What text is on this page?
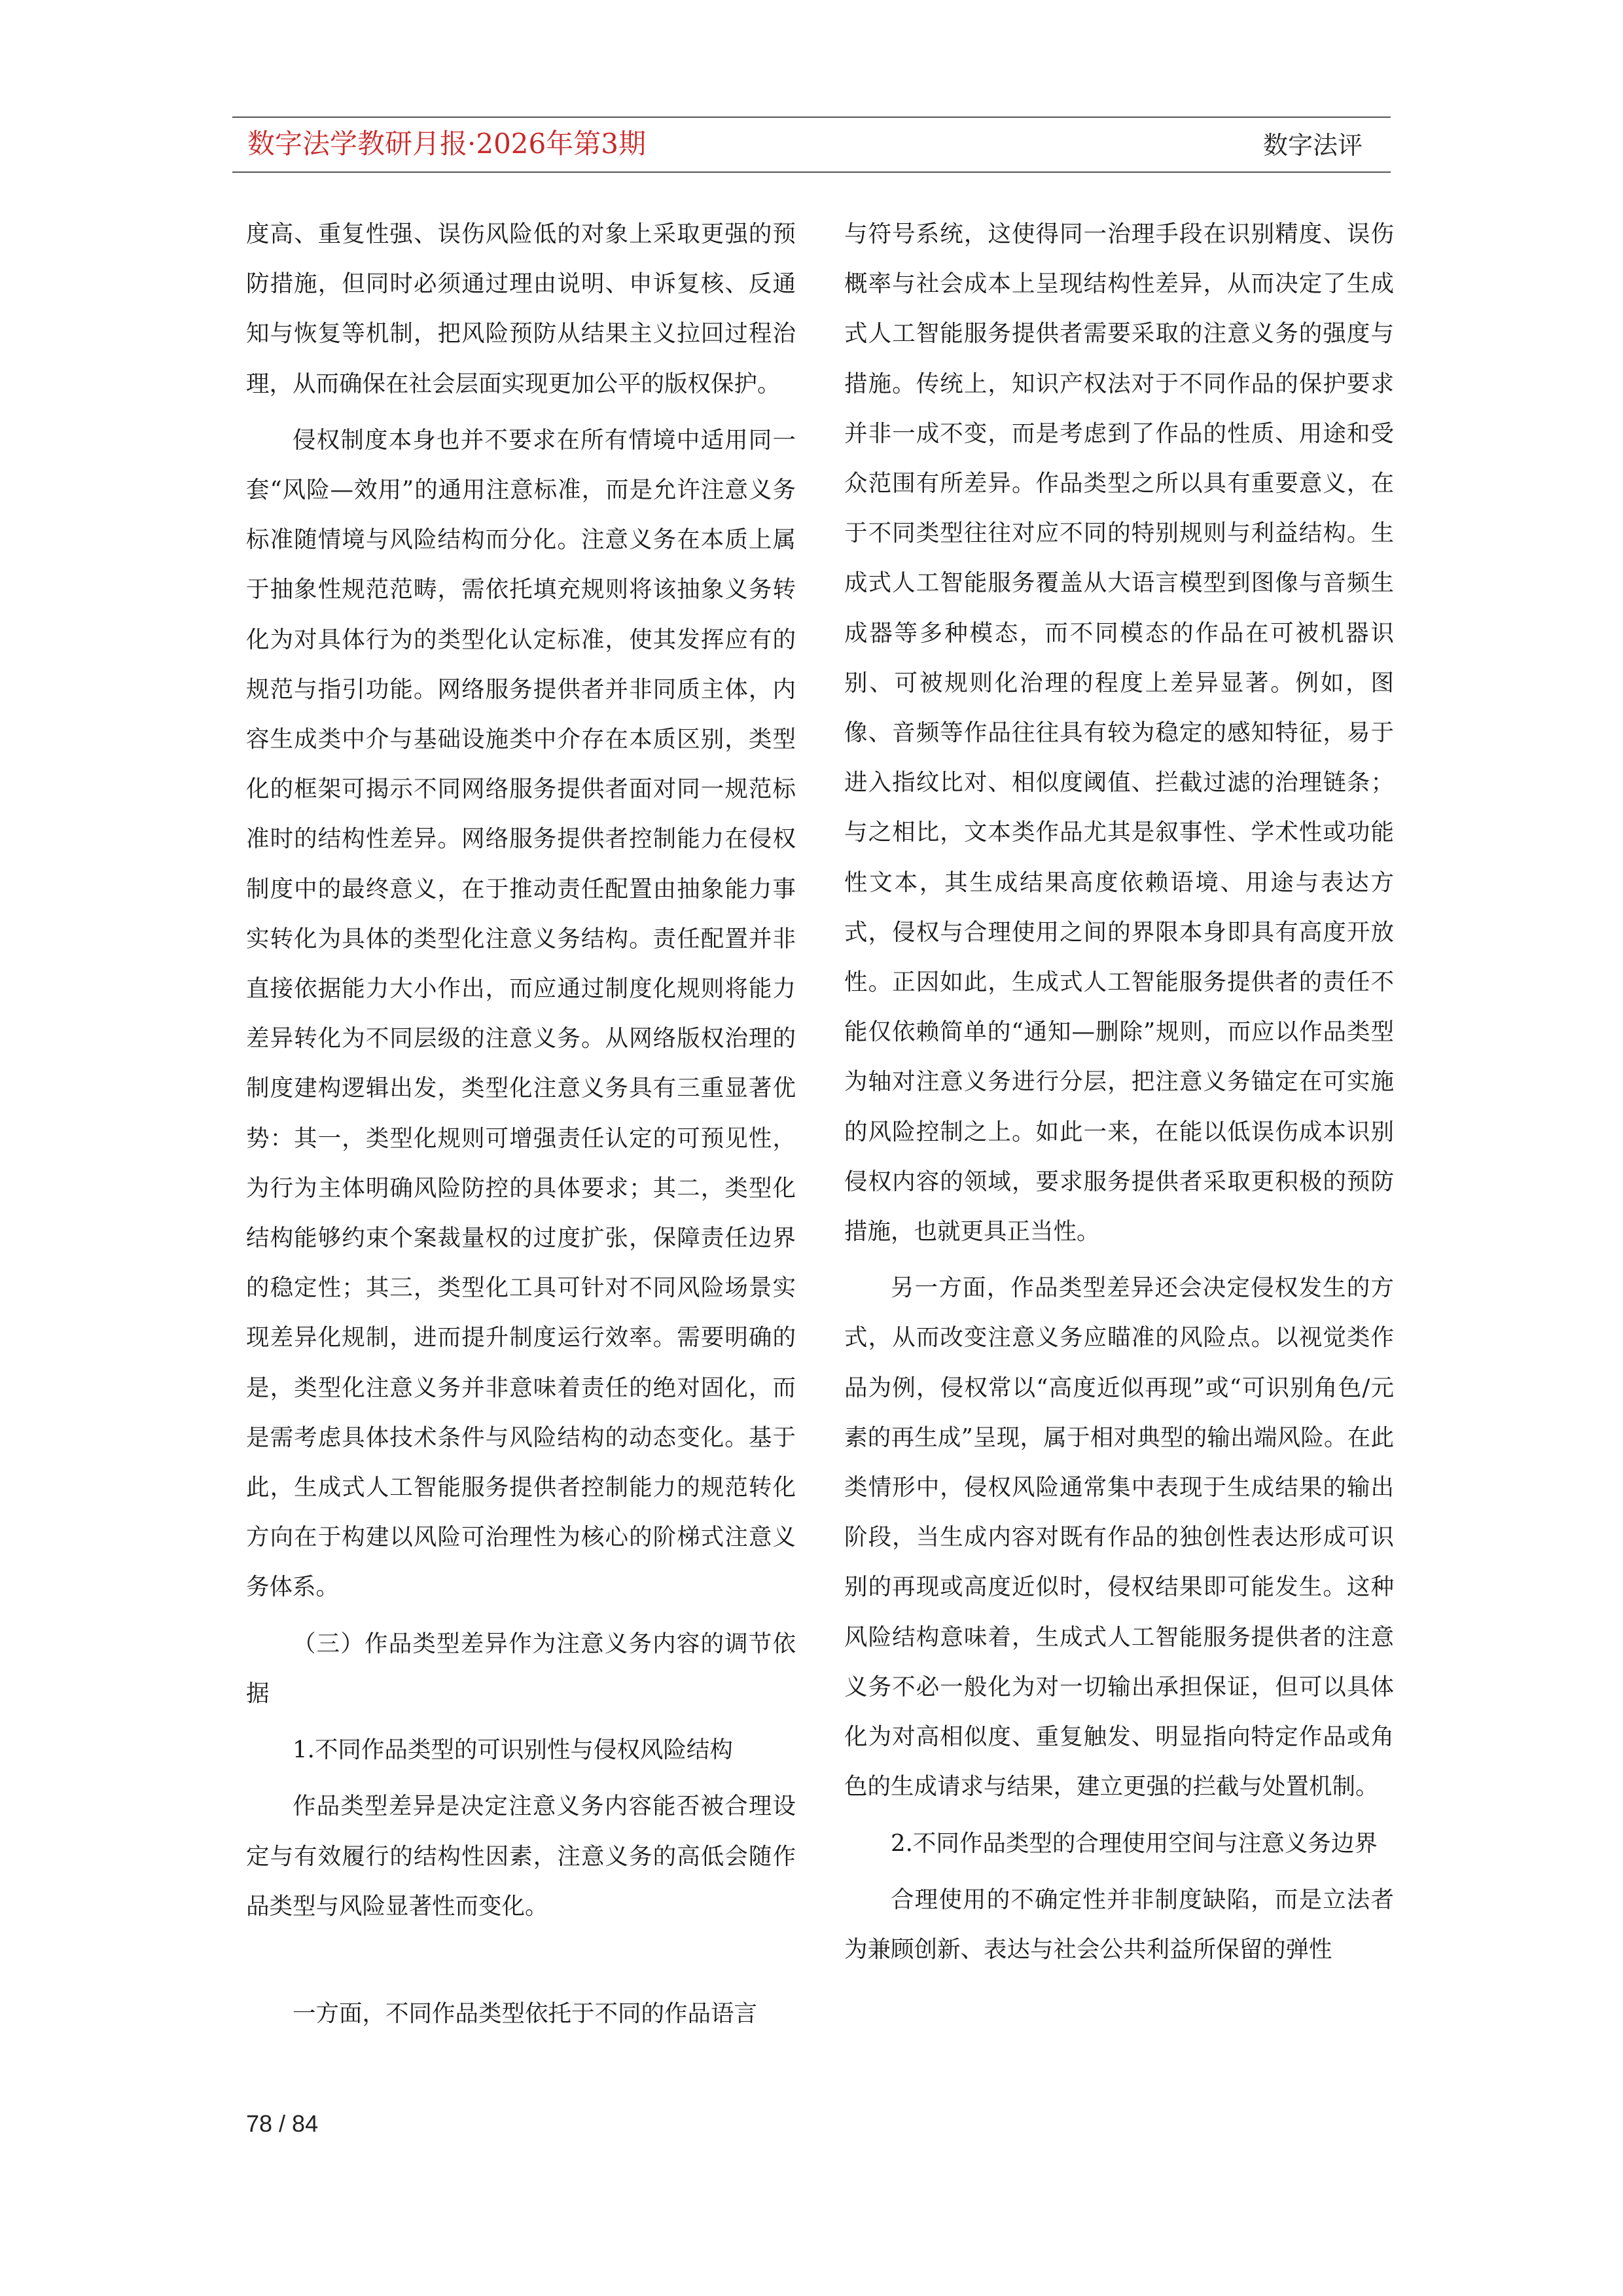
数字法学教研月报·2026年第3期	数字法评

度高、重复性强、误伤风险低的对象上采取更强的预防措施，但同时必须通过理由说明、申诉复核、反通知与恢复等机制，把风险预防从结果主义拉回过程治理，从而确保在社会层面实现更加公平的版权保护。

侵权制度本身也并不要求在所有情境中适用同一套“风险—效用”的通用注意标准，而是允许注意义务标准随情境与风险结构而分化。注意义务在本质上属于抽象性规范范畴，需依托填充规则将该抽象义务转化为对具体行为的类型化认定标准，使其发挥应有的规范与指引功能。网络服务提供者并非同质主体，内容生成类中介与基础设施类中介存在本质区别，类型化的框架可揭示不同网络服务提供者面对同一规范标准时的结构性差异。网络服务提供者控制能力在侵权制度中的最终意义，在于推动责任配置由抽象能力事实转化为具体的类型化注意义务结构。责任配置并非直接依据能力大小作出，而应通过制度化规则将能力差异转化为不同层级的注意义务。从网络版权治理的制度建构逻辑出发，类型化注意义务具有三重显著优势：其一，类型化规则可增强责任认定的可预见性，为行为主体明确风险防控的具体要求；其二，类型化结构能够约束个案裁量权的过度扩张，保障责任边界的稳定性；其三，类型化工具可针对不同风险场景实现差异化规制，进而提升制度运行效率。需要明确的是，类型化注意义务并非意味着责任的绝对固化，而是需考虑具体技术条件与风险结构的动态变化。基于此，生成式人工智能服务提供者控制能力的规范转化方向在于构建以风险可治理性为核心的阶梯式注意义务体系。

（三）作品类型差异作为注意义务内容的调节依据

1.不同作品类型的可识别性与侵权风险结构

作品类型差异是决定注意义务内容能否被合理设定与有效履行的结构性因素，注意义务的高低会随作品类型与风险显著性而变化。

一方面，不同作品类型依托于不同的作品语言

与符号系统，这使得同一治理手段在识别精度、误伤概率与社会成本上呈现结构性差异，从而决定了生成式人工智能服务提供者需要采取的注意义务的强度与措施。传统上，知识产权法对于不同作品的保护要求并非一成不变，而是考虑到了作品的性质、用途和受众范围有所差异。作品类型之所以具有重要意义，在于不同类型往往对应不同的特别规则与利益结构。生成式人工智能服务覆盖从大语言模型到图像与音频生成器等多种模态，而不同模态的作品在可被机器识别、可被规则化治理的程度上差异显著。例如，图像、音频等作品往往具有较为稳定的感知特征，易于进入指纹比对、相似度阈值、拦截过滤的治理链条；与之相比，文本类作品尤其是叙事性、学术性或功能性文本，其生成结果高度依赖语境、用途与表达方式，侵权与合理使用之间的界限本身即具有高度开放性。正因如此，生成式人工智能服务提供者的责任不能仅依赖简单的“通知—删除”规则，而应以作品类型为轴对注意义务进行分层，把注意义务锚定在可实施的风险控制之上。如此一来，在能以低误伤成本识别侵权内容的领域，要求服务提供者采取更积极的预防措施，也就更具正当性。

另一方面，作品类型差异还会决定侵权发生的方式，从而改变注意义务应瞄准的风险点。以视觉类作品为例，侵权常以“高度近似再现”或“可识别角色/元素的再生成”呈现，属于相对典型的输出端风险。在此类情形中，侵权风险通常集中表现于生成结果的输出阶段，当生成内容对既有作品的独创性表达形成可识别的再现或高度近似时，侵权结果即可能发生。这种风险结构意味着，生成式人工智能服务提供者的注意义务不必一般化为对一切输出承担保证，但可以具体化为对高相似度、重复触发、明显指向特定作品或角色的生成请求与结果，建立更强的拦截与处置机制。

2.不同作品类型的合理使用空间与注意义务边界

合理使用的不确定性并非制度缺陷，而是立法者为兼顾创新、表达与社会公共利益所保留的弹性

78 / 84
